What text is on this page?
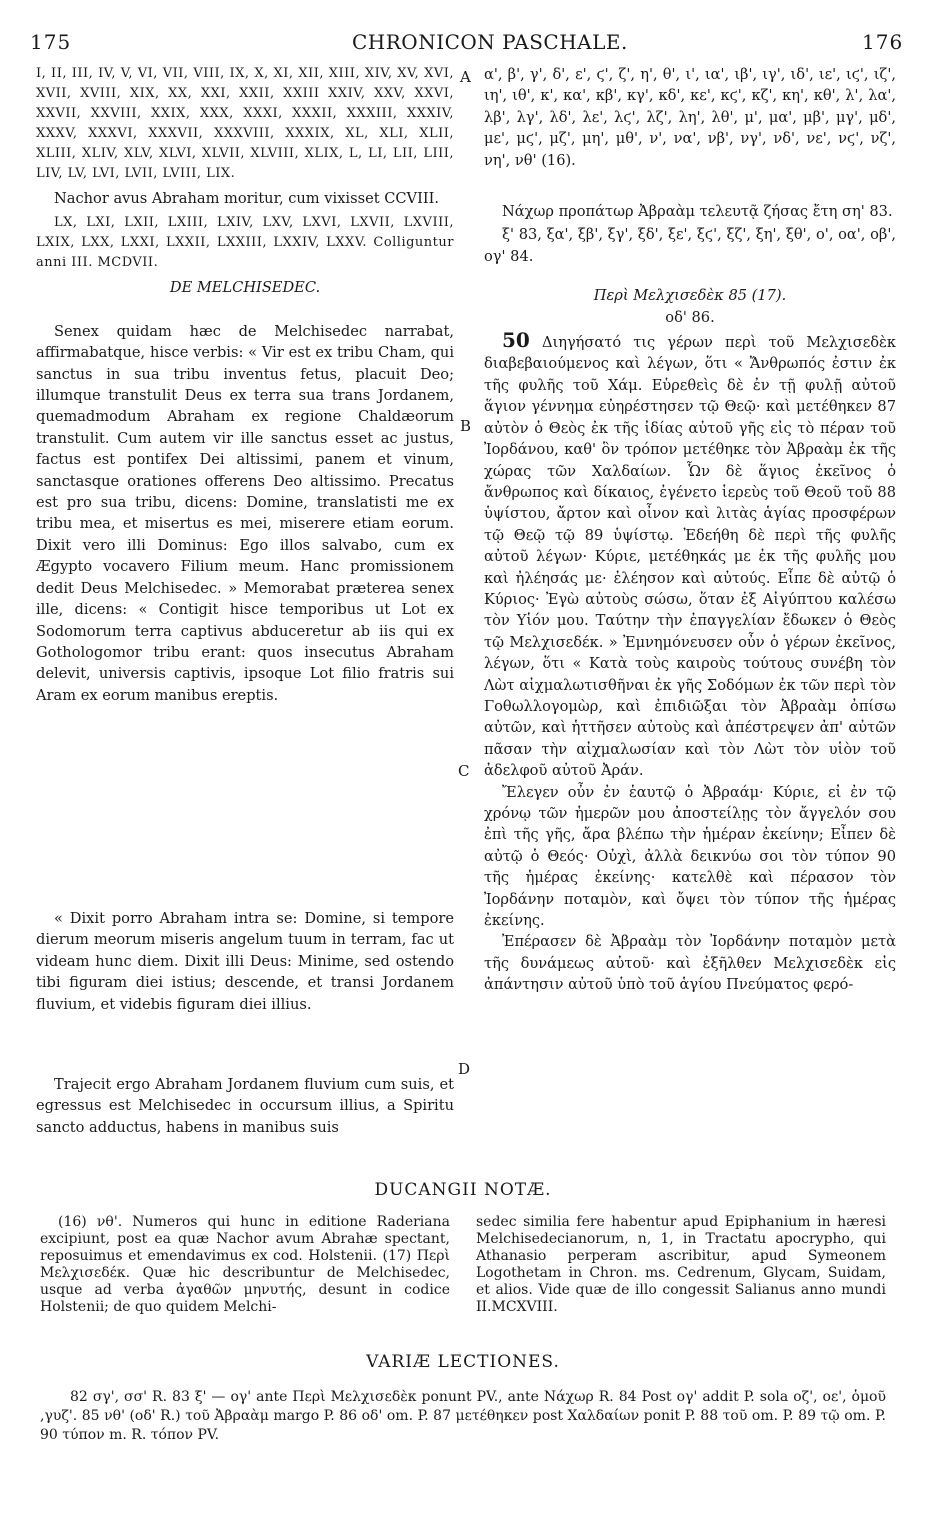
175	CHRONICON PASCHALE.	176

I, II, III, IV, V, VI, VII, VIII, IX, X, XI, XII, XIII, XIV, XV, XVI, XVII, XVIII, XIX, XX, XXI, XXII, XXIII XXIV, XXV, XXVI, XXVII, XXVIII, XXIX, XXX, XXXI, XXXII, XXXIII, XXXIV, XXXV, XXXVI, XXXVII, XXXVIII, XXXIX, XL, XLI, XLII, XLIII, XLIV, XLV, XLVI, XLVII, XLVIII, XLIX, L, LI, LII, LIII, LIV, LV, LVI, LVII, LVIII, LIX.

Nachor avus Abraham moritur, cum vixisset CCVIII.

LX, LXI, LXII, LXIII, LXIV, LXV, LXVI, LXVII, LXVIII, LXIX, LXX, LXXI, LXXII, LXXIII, LXXIV, LXXV. Colliguntur anni III. MCDVII.

DE MELCHISEDEC.

Senex quidam hæc de Melchisedec narrabat, affirmabatque, hisce verbis: « Vir est ex tribu Cham, qui sanctus in sua tribu inventus fetus, placuit Deo; illumque transtulit Deus ex terra sua trans Jordanem, quemadmodum Abraham ex regione Chaldæorum transtulit. Cum autem vir ille sanctus esset ac justus, factus est pontifex Dei altissimi, panem et vinum, sanctasque orationes offerens Deo altissimo. Precatus est pro sua tribu, dicens: Domine, translatisti me ex tribu mea, et misertus es mei, miserere etiam eorum. Dixit vero illi Dominus: Ego illos salvabo, cum ex Ægypto vocavero Filium meum. Hanc promissionem dedit Deus Melchisedec. » Memorabat præterea senex ille, dicens: « Contigit hisce temporibus ut Lot ex Sodomorum terra captivus abduceretur ab iis qui ex Gothologomor tribu erant: quos insecutus Abraham delevit, universis captivis, ipsoque Lot filio fratris sui Aram ex eorum manibus ereptis.

« Dixit porro Abraham intra se: Domine, si tempore dierum meorum miseris angelum tuum in terram, fac ut videam hunc diem. Dixit illi Deus: Minime, sed ostendo tibi figuram diei istius; descende, et transi Jordanem fluvium, et videbis figuram diei illius.

Trajecit ergo Abraham Jordanem fluvium cum suis, et egressus est Melchisedec in occursum illius, a Spiritu sancto adductus, habens in manibus suis

A
B
C
D

α', β', γ', δ', ε', ϛ', ζ', η', θ', ι', ια', ιβ', ιγ', ιδ', ιε', ιϛ', ιζ', ιη', ιθ', κ', κα', κβ', κγ', κδ', κε', κϛ', κζ', κη', κθ', λ', λα', λβ', λγ', λδ', λε', λϛ', λζ', λη', λθ', μ', μα', μβ', μγ', μδ', με', μϛ', μζ', μη', μθ', ν', να', νβ', νγ', νδ', νε', νϛ', νζ', νη', νθ' (16).

Νάχωρ προπάτωρ Ἀβραὰμ τελευτᾷ ζήσας ἔτη ση' 83.

ξ' 83, ξα', ξβ', ξγ', ξδ', ξε', ξϛ', ξζ', ξη', ξθ', ο', οα', οβ', ογ' 84.

Περὶ Μελχισεδὲκ 85 (17).

οδ' 86.

50 Διηγήσατό τις γέρων περὶ τοῦ Μελχισεδὲκ διαβεβαιούμενος καὶ λέγων, ὅτι « Ἄνθρωπός ἐστιν ἐκ τῆς φυλῆς τοῦ Χάμ. Εὑρεθεὶς δὲ ἐν τῇ φυλῇ αὐτοῦ ἅγιον γέννημα εὐηρέστησεν τῷ Θεῷ· καὶ μετέθηκεν 87 αὐτὸν ὁ Θεὸς ἐκ τῆς ἰδίας αὐτοῦ γῆς εἰς τὸ πέραν τοῦ Ἰορδάνου, καθ' ὃν τρόπον μετέθηκε τὸν Ἀβραὰμ ἐκ τῆς χώρας τῶν Χαλδαίων. Ὧν δὲ ἅγιος ἐκεῖνος ὁ ἄνθρωπος καὶ δίκαιος, ἐγένετο ἱερεὺς τοῦ Θεοῦ τοῦ 88 ὑψίστου, ἄρτον καὶ οἶνον καὶ λιτὰς ἁγίας προσφέρων τῷ Θεῷ τῷ 89 ὑψίστῳ. Ἐδεήθη δὲ περὶ τῆς φυλῆς αὐτοῦ λέγων· Κύριε, μετέθηκάς με ἐκ τῆς φυλῆς μου καὶ ἠλέησάς με· ἐλέησον καὶ αὐτούς. Εἶπε δὲ αὐτῷ ὁ Κύριος· Ἐγὼ αὐτοὺς σώσω, ὅταν ἐξ Αἰγύπτου καλέσω τὸν Υἱόν μου. Ταύτην τὴν ἐπαγγελίαν ἔδωκεν ὁ Θεὸς τῷ Μελχισεδέκ. » Ἐμνημόνευσεν οὖν ὁ γέρων ἐκεῖνος, λέγων, ὅτι « Κατὰ τοὺς καιροὺς τούτους συνέβη τὸν Λὼτ αἰχμαλωτισθῆναι ἐκ γῆς Σοδόμων ἐκ τῶν περὶ τὸν Γοθωλλογομὼρ, καὶ ἐπιδιῶξαι τὸν Ἀβραὰμ ὀπίσω αὐτῶν, καὶ ἡττῆσεν αὐτοὺς καὶ ἀπέστρεψεν ἀπ' αὐτῶν πᾶσαν τὴν αἰχμαλωσίαν καὶ τὸν Λὼτ τὸν υἱὸν τοῦ ἀδελφοῦ αὐτοῦ Ἀράν.

Ἔλεγεν οὖν ἐν ἑαυτῷ ὁ Ἀβραάμ· Κύριε, εἰ ἐν τῷ χρόνῳ τῶν ἡμερῶν μου ἀποστείλῃς τὸν ἄγγελόν σου ἐπὶ τῆς γῆς, ἄρα βλέπω τὴν ἡμέραν ἐκείνην; Εἶπεν δὲ αὐτῷ ὁ Θεός· Οὐχὶ, ἀλλὰ δεικνύω σοι τὸν τύπον 90 τῆς ἡμέρας ἐκείνης· κατελθὲ καὶ πέρασον τὸν Ἰορδάνην ποταμὸν, καὶ ὄψει τὸν τύπον τῆς ἡμέρας ἐκείνης.

Ἐπέρασεν δὲ Ἀβραὰμ τὸν Ἰορδάνην ποταμὸν μετὰ τῆς δυνάμεως αὐτοῦ· καὶ ἐξῆλθεν Μελχισεδὲκ εἰς ἀπάντησιν αὐτοῦ ὑπὸ τοῦ ἁγίου Πνεύματος φερό-

DUCANGII NOTÆ.
(16) νθ'. Numeros qui hunc in editione Raderiana excipiunt, post ea quæ Nachor avum Abrahæ spectant, reposuimus et emendavimus ex cod. Holstenii. (17) Περὶ Μελχισεδέκ. Quæ hic describuntur de Melchisedec, usque ad verba ἀγαθῶν μηνυτής, desunt in codice Holstenii; de quo quidem Melchi-
sedec similia fere habentur apud Epiphanium in hæresi Melchisedecianorum, n, 1, in Tractatu apocrypho, qui Athanasio perperam ascribitur, apud Symeonem Logothetam in Chron. ms. Cedrenum, Glycam, Suidam, et alios. Vide quæ de illo congessit Salianus anno mundi II.MCXVIII.
VARIÆ LECTIONES.
82 σγ', σσ' R. 83 ξ' — ογ' ante Περὶ Μελχισεδὲκ ponunt PV., ante Νάχωρ R. 84 Post ογ' addit P. sola οζ', οε', ὁμοῦ ,γυζ'. 85 νθ' (οδ' R.) τοῦ Ἀβραὰμ margo P. 86 οδ' om. P. 87 μετέθηκεν post Χαλδαίων ponit P. 88 τοῦ om. P. 89 τῷ om. P. 90 τύπον m. R. τόπον PV.
